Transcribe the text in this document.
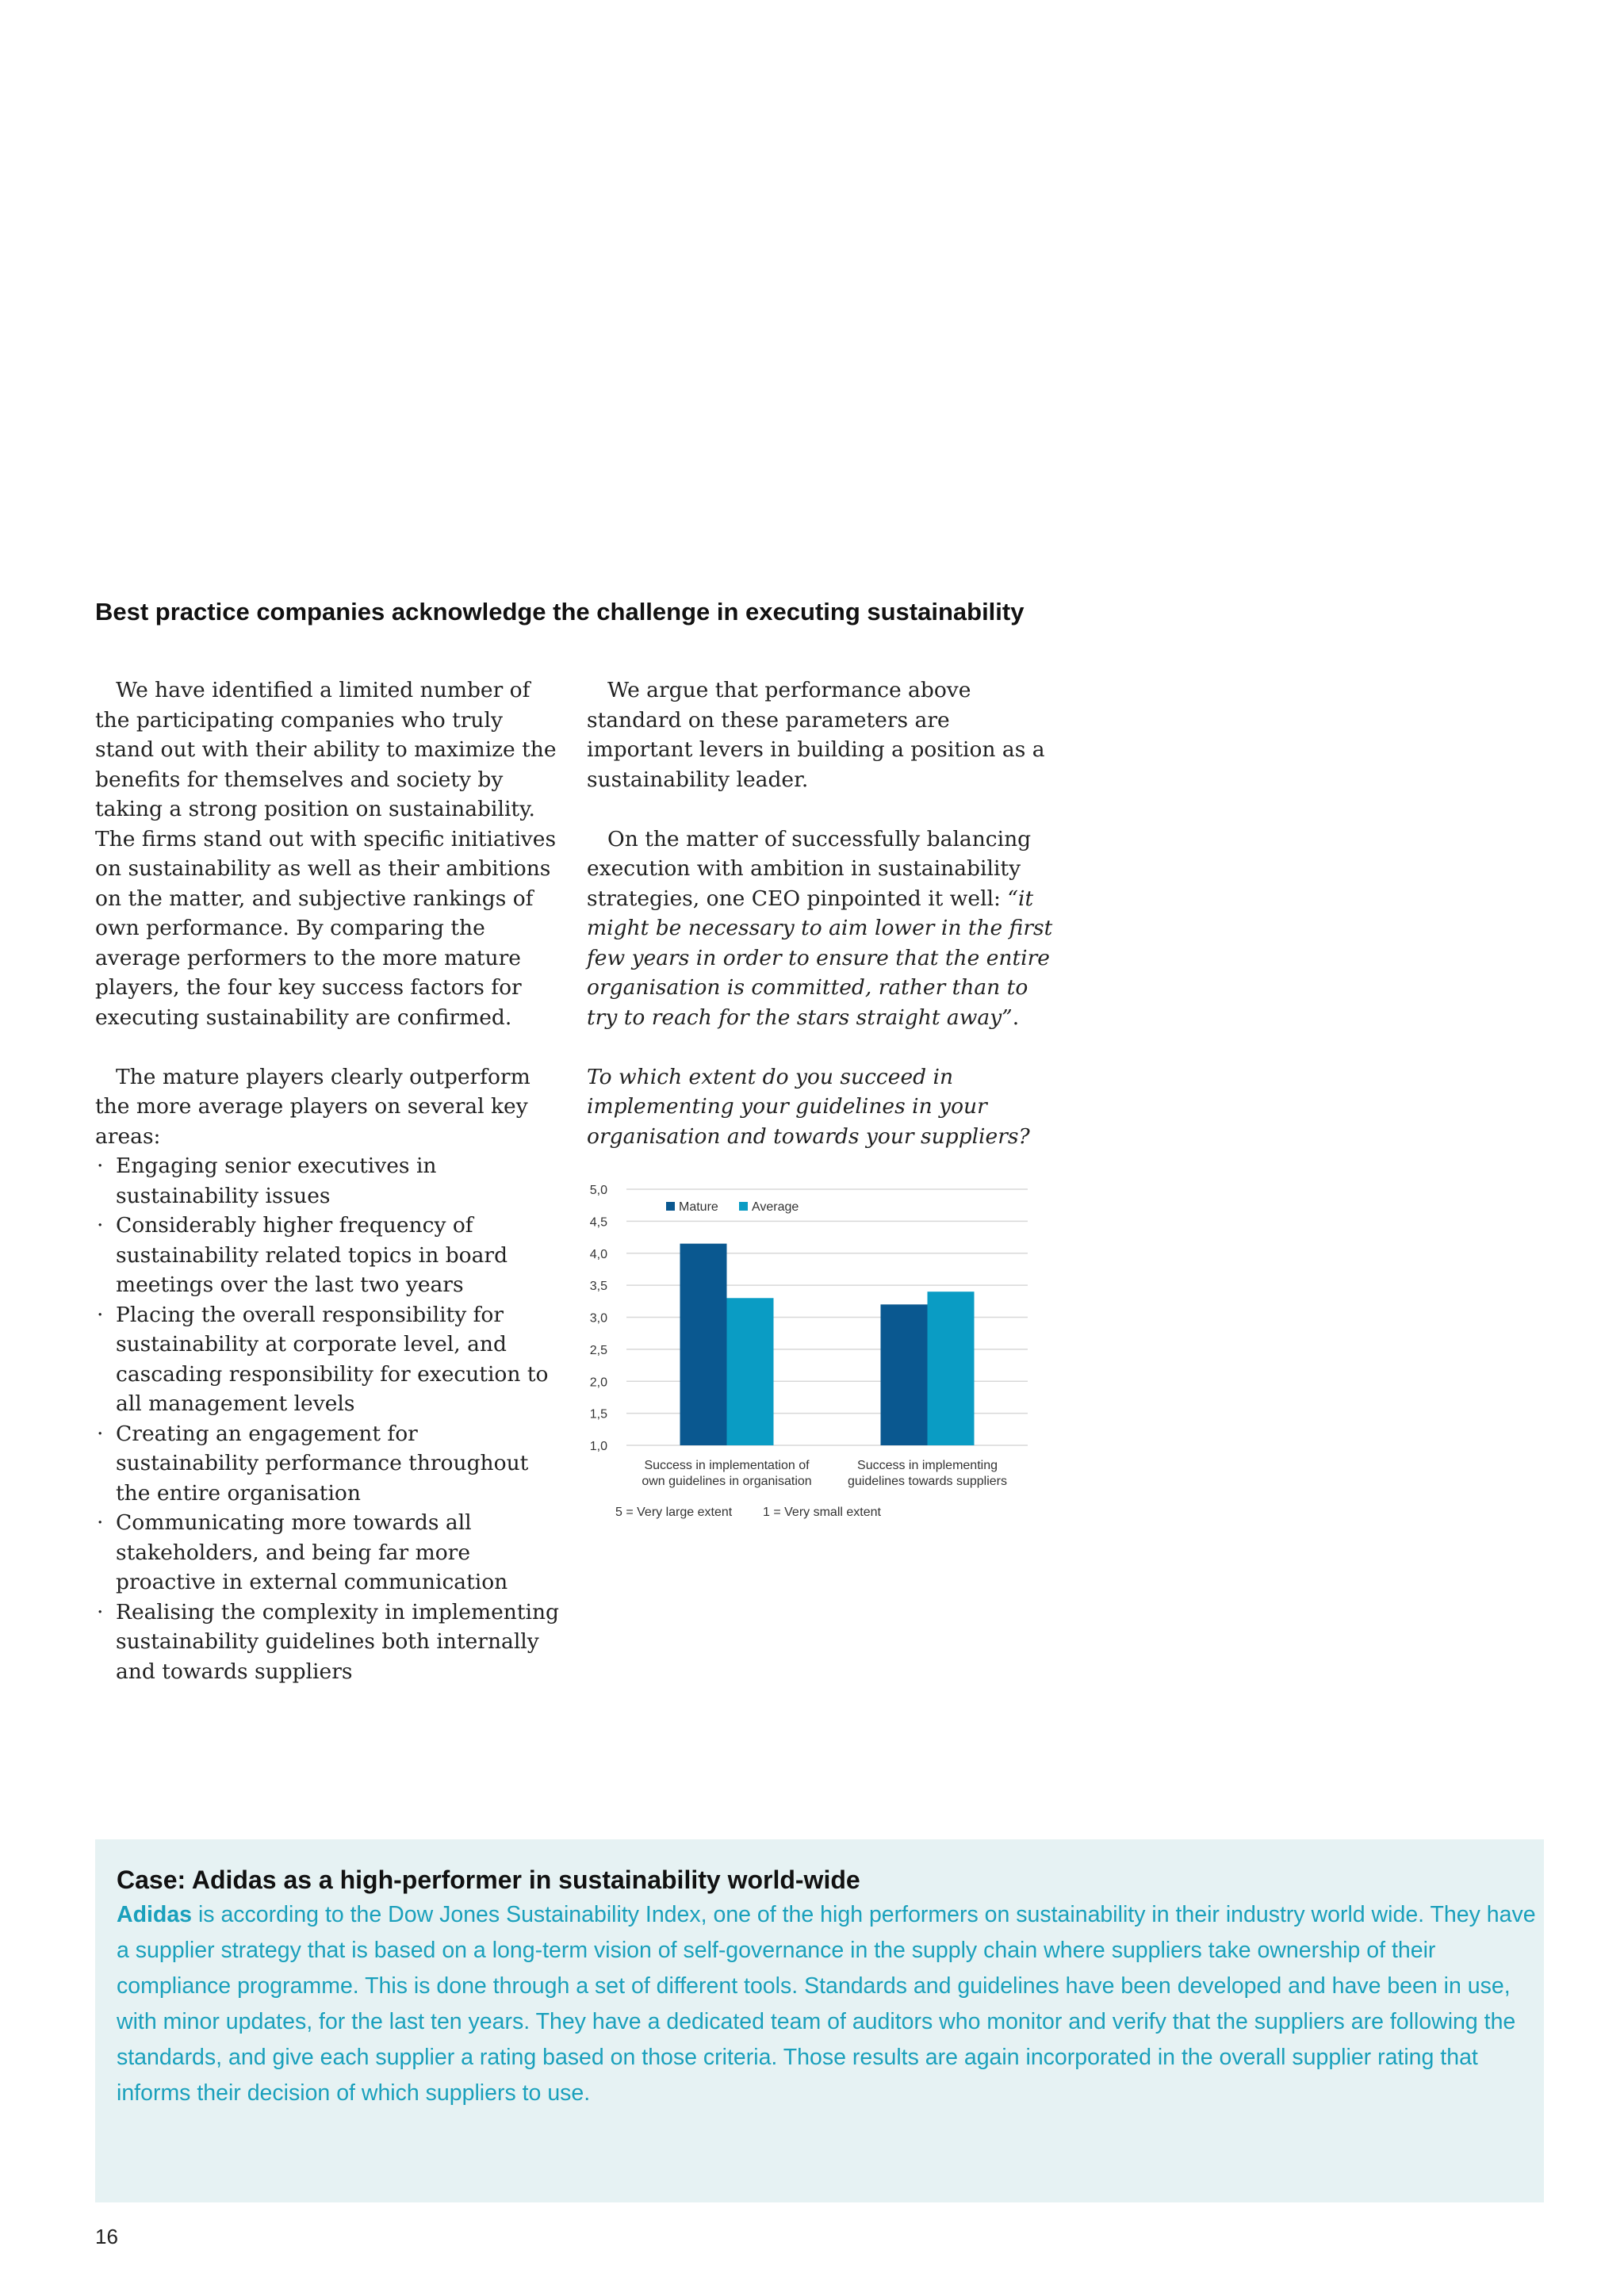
Best practice companies acknowledge the challenge in executing sustainability

We have identified a limited number of the participating companies who truly stand out with their ability to maximize the benefits for themselves and society by taking a strong position on sustainability. The firms stand out with specific initiatives on sustainability as well as their ambitions on the matter, and subjective rankings of own performance. By comparing the average performers to the more mature players, the four key success factors for executing sustainability are confirmed.

The mature players clearly outperform the more average players on several key areas:

· Engaging senior executives in sustainability issues
· Considerably higher frequency of sustainability related topics in board meetings over the last two years
· Placing the overall responsibility for sustainability at corporate level, and cascading responsibility for execution to all management levels
· Creating an engagement for sustainability performance throughout the entire organisation
· Communicating more towards all stakeholders, and being far more proactive in external communication
· Realising the complexity in implementing sustainability guidelines both internally and towards suppliers

We argue that performance above standard on these parameters are important levers in building a position as a sustainability leader.

On the matter of successfully balancing execution with ambition in sustainability strategies, one CEO pinpointed it well: “it might be necessary to aim lower in the first few years in order to ensure that the entire organisation is committed, rather than to try to reach for the stars straight away”.

To which extent do you succeed in implementing your guidelines in your organisation and towards your suppliers?

1,0
1,5
2,0
2,5
3,0
3,5
4,0
4,5
5,0
Success in implementation of
own guidelines in organisation
Success in implementing
guidelines towards suppliers
Mature	Average
5 = Very large extent 1 = Very small extent
Case: Adidas as a high-performer in sustainability world-wide

Adidas is according to the Dow Jones Sustainability Index, one of the high performers on sustainability in their industry world wide. They have a supplier strategy that is based on a long-term vision of self-governance in the supply chain where suppliers take ownership of their compliance programme. This is done through a set of different tools. Standards and guidelines have been developed and have been in use, with minor updates, for the last ten years. They have a dedicated team of auditors who monitor and verify that the suppliers are following the standards, and give each supplier a rating based on those criteria. Those results are again incorporated in the overall supplier rating that informs their decision of which suppliers to use.

16
